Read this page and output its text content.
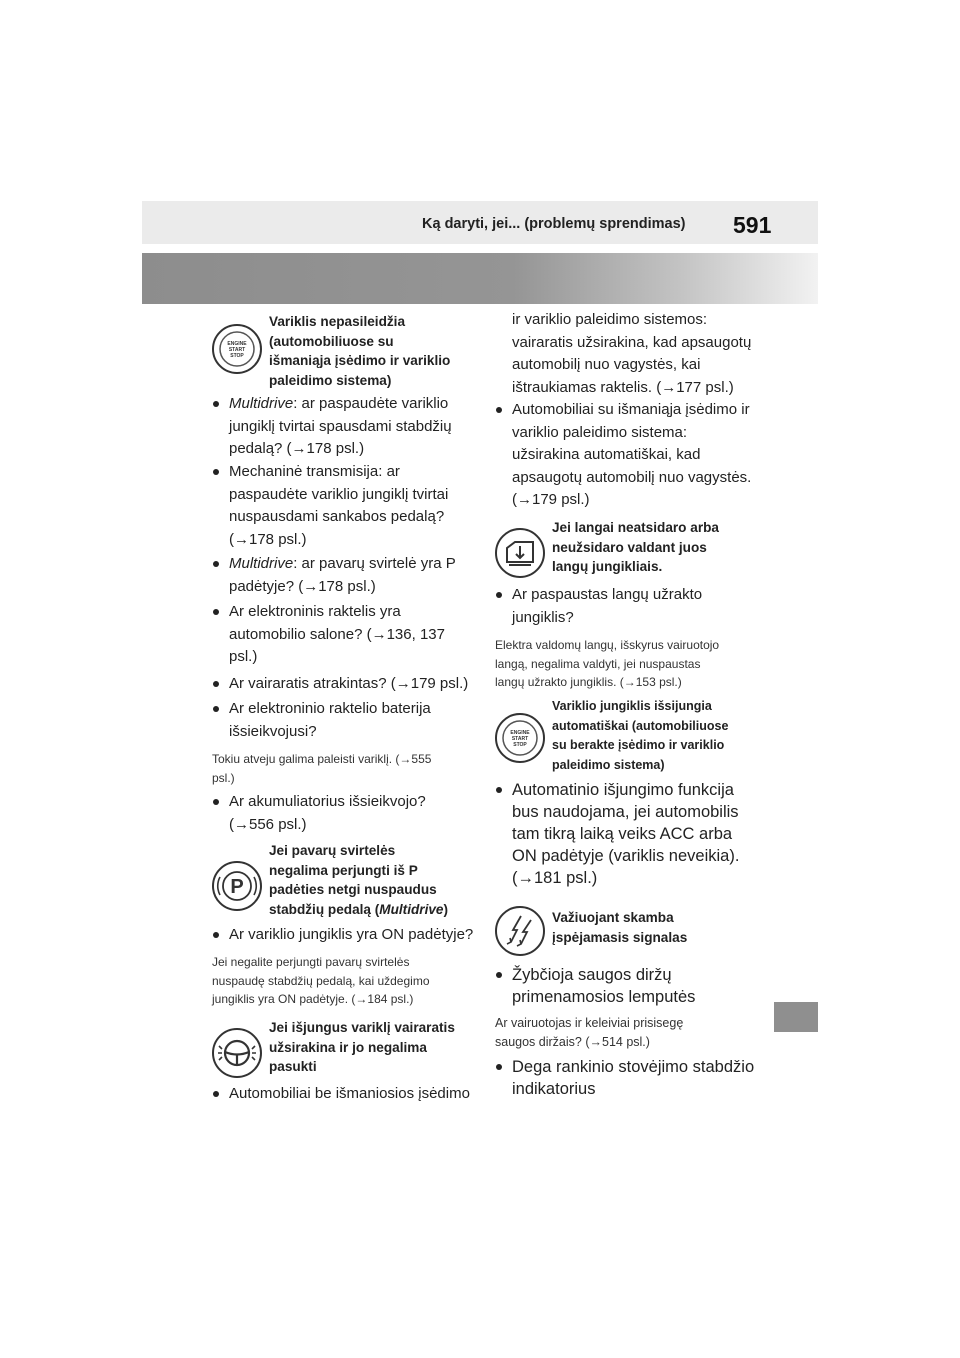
Ką daryti, jei... (problemų sprendimas) 591
ENGINE
START
STOP
Variklis nepasileidžia
(automobiliuose su
išmaniąja įsėdimo ir variklio
paleidimo sistema)
Multidrive: ar paspaudėte variklio
jungiklį tvirtai spausdami stabdžių
pedalą? (→178 psl.)
Mechaninė transmisija: ar
paspaudėte variklio jungiklį tvirtai
nuspausdami sankabos pedalą?
(→178 psl.)
Multidrive: ar pavarų svirtelė yra P
padėtyje? (→178 psl.)
Ar elektroninis raktelis yra
automobilio salone? (→136, 137
psl.)
Ar vairaratis atrakintas? (→179 psl.)
Ar elektroninio raktelio baterija
išsieikvojusi?
Tokiu atveju galima paleisti variklį. (→555
psl.)
Ar akumuliatorius išsieikvojo?
(→556 psl.)
P
Jei pavarų svirtelės
negalima perjungti iš P
padėties netgi nuspaudus
stabdžių pedalą (Multidrive)
Ar variklio jungiklis yra ON padėtyje?
Jei negalite perjungti pavarų svirtelės
nuspaudę stabdžių pedalą, kai uždegimo
jungiklis yra ON padėtyje. (→184 psl.)
Jei išjungus variklį vairaratis
užsirakina ir jo negalima
pasukti
Automobiliai be išmaniosios įsėdimo
ir variklio paleidimo sistemos:
vairaratis užsirakina, kad apsaugotų
automobilį nuo vagystės, kai
ištraukiamas raktelis. (→177 psl.)
Automobiliai su išmaniąja įsėdimo ir
variklio paleidimo sistema:
užsirakina automatiškai, kad
apsaugotų automobilį nuo vagystės.
(→179 psl.)
Jei langai neatsidaro arba
neužsidaro valdant juos
langų jungikliais.
Ar paspaustas langų užrakto
jungiklis?
Elektra valdomų langų, išskyrus vairuotojo
langą, negalima valdyti, jei nuspaustas
langų užrakto jungiklis. (→153 psl.)
ENGINE
START
STOP
Variklio jungiklis išsijungia
automatiškai (automobiliuose
su berakte įsėdimo ir variklio
paleidimo sistema)
Automatinio išjungimo funkcija
bus naudojama, jei automobilis
tam tikrą laiką veiks ACC arba
ON padėtyje (variklis neveikia).
(→181 psl.)
Važiuojant skamba
įspėjamasis signalas
Žybčioja saugos diržų
primenamosios lemputės
Ar vairuotojas ir keleiviai prisisegę
saugos diržais? (→514 psl.)
Dega rankinio stovėjimo stabdžio
indikatorius
